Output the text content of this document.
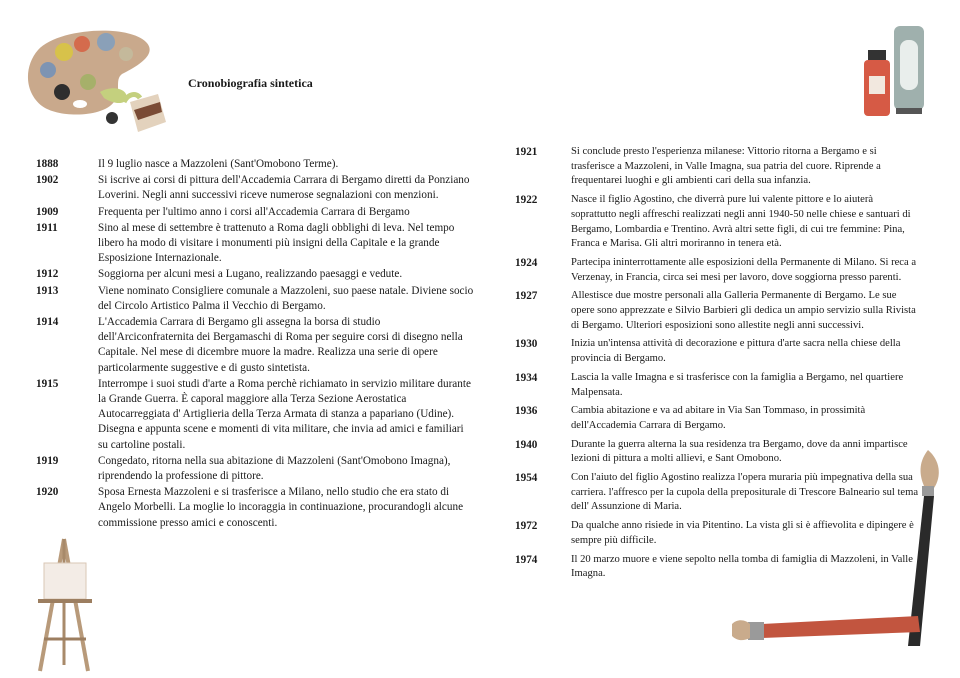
Cronobiografia sintetica
1888	Il 9 luglio nasce a Mazzoleni (Sant'Omobono Terme).
1902	Si iscrive ai corsi di pittura dell'Accademia Carrara di Bergamo diretti da Ponziano Loverini. Negli anni successivi riceve numerose segnalazioni con menzioni.
1909	Frequenta per l'ultimo anno i corsi all'Accademia Carrara di Bergamo
1911	Sino al mese di settembre è trattenuto a Roma dagli obblighi di leva. Nel tempo libero ha modo di visitare i monumenti più insigni della Capitale e la grande Esposizione Internazionale.
1912	Soggiorna per alcuni mesi a Lugano, realizzando paesaggi e vedute.
1913	Viene nominato Consigliere comunale a Mazzoleni, suo paese natale. Diviene socio del Circolo Artistico Palma il Vecchio di Bergamo.
1914	L'Accademia Carrara di Bergamo gli assegna la borsa di studio dell'Arciconfraternita dei Bergamaschi di Roma per seguire corsi di disegno nella Capitale. Nel mese di dicembre muore la madre. Realizza una serie di opere particolarmente suggestive e di gusto sintetista.
1915	Interrompe i suoi studi d'arte a Roma perchè richiamato in servizio militare durante la Grande Guerra. È caporal maggiore alla Terza Sezione Aerostatica Autocarreggiata d' Artiglieria della Terza Armata di stanza a papariano (Udine). Disegna e appunta scene e momenti di vita militare, che invia ad amici e familiari su cartoline postali.
1919	Congedato, ritorna nella sua abitazione di Mazzoleni (Sant'Omobono Imagna), riprendendo la professione di pittore.
1920	Sposa Ernesta Mazzoleni e si trasferisce a Milano, nello studio che era stato di Angelo Morbelli. La moglie lo incoraggia in continuazione, procurandogli alcune commissione presso amici e conoscenti.
1921	Si conclude presto l'esperienza milanese: Vittorio ritorna a Bergamo e si trasferisce a Mazzoleni, in Valle Imagna, sua patria del cuore. Riprende a frequentarei luoghi e gli ambienti cari della sua infanzia.
1922	Nasce il figlio Agostino, che diverrà pure lui valente pittore e lo aiuterà soprattutto negli affreschi realizzati negli anni 1940-50 nelle chiese e santuari di Bergamo, Lombardia e Trentino. Avrà altri sette figli, di cui tre femmine: Pina, Franca e Marisa. Gli altri moriranno in tenera età.
1924	Partecipa ininterrottamente alle esposizioni della Permanente di Milano. Si reca a Verzenay, in Francia, circa sei mesi per lavoro, dove soggiorna presso parenti.
1927	Allestisce due mostre personali alla Galleria Permanente di Bergamo. Le sue opere sono apprezzate e Silvio Barbieri gli dedica un ampio servizio sulla Rivista di Bergamo. Ulteriori esposizioni sono allestite negli anni successivi.
1930	Inizia un'intensa attività di decorazione e pittura d'arte sacra nella chiese della provincia di Bergamo.
1934	Lascia la valle Imagna e si trasferisce con la famiglia a Bergamo, nel quartiere Malpensata.
1936	Cambia abitazione e va ad abitare in Via San Tommaso, in prossimità dell'Accademia Carrara di Bergamo.
1940	Durante la guerra alterna la sua residenza tra Bergamo, dove da anni impartisce lezioni di pittura a molti allievi, e Sant Omobono.
1954	Con l'aiuto del figlio Agostino realizza l'opera muraria più impegnativa della sua carriera. l'affresco per la cupola della prepositurale di Trescore Balneario sul tema dell' Assunzione di Maria.
1972	Da qualche anno risiede in via Pitentino. La vista gli si è affievolita e dipingere è sempre più difficile.
1974	Il 20 marzo muore e viene sepolto nella tomba di famiglia di Mazzoleni, in Valle Imagna.
